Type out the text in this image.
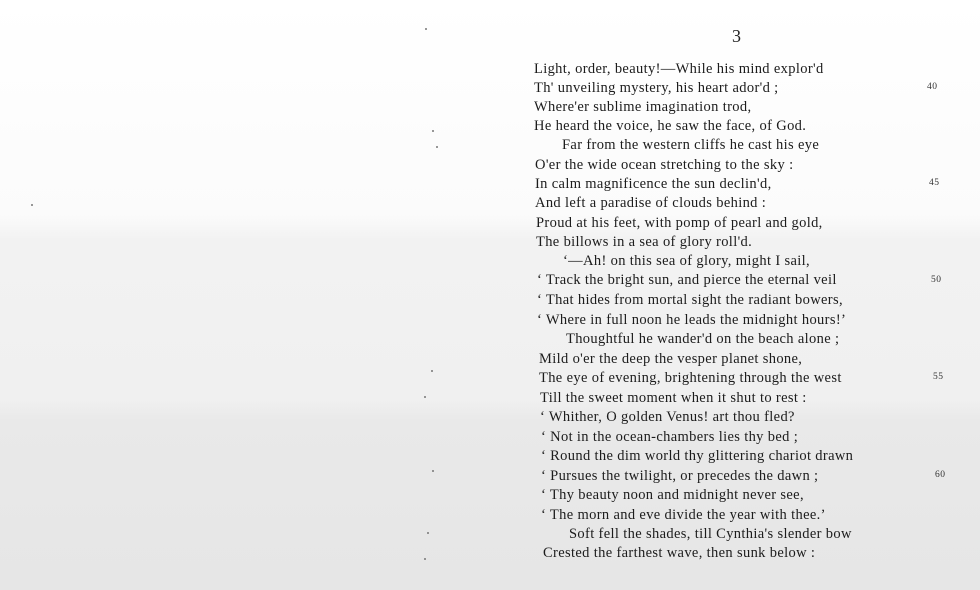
3
Light, order, beauty!—While his mind explor'd
Th' unveiling mystery, his heart ador'd ;
Where'er sublime imagination trod,
He heard the voice, he saw the face, of God.
Far from the western cliffs he cast his eye
O'er the wide ocean stretching to the sky :
In calm magnificence the sun declin'd,
And left a paradise of clouds behind :
Proud at his feet, with pomp of pearl and gold,
The billows in a sea of glory roll'd.
‘—Ah! on this sea of glory, might I sail,
‘ Track the bright sun, and pierce the eternal veil
‘ That hides from mortal sight the radiant bowers,
‘ Where in full noon he leads the midnight hours!’
Thoughtful he wander'd on the beach alone ;
Mild o'er the deep the vesper planet shone,
The eye of evening, brightening through the west
Till the sweet moment when it shut to rest :
‘ Whither, O golden Venus! art thou fled?
‘ Not in the ocean-chambers lies thy bed ;
‘ Round the dim world thy glittering chariot drawn
‘ Pursues the twilight, or precedes the dawn ;
‘ Thy beauty noon and midnight never see,
‘ The morn and eve divide the year with thee.’
Soft fell the shades, till Cynthia's slender bow
Crested the farthest wave, then sunk below :
40
45
50
55
60
